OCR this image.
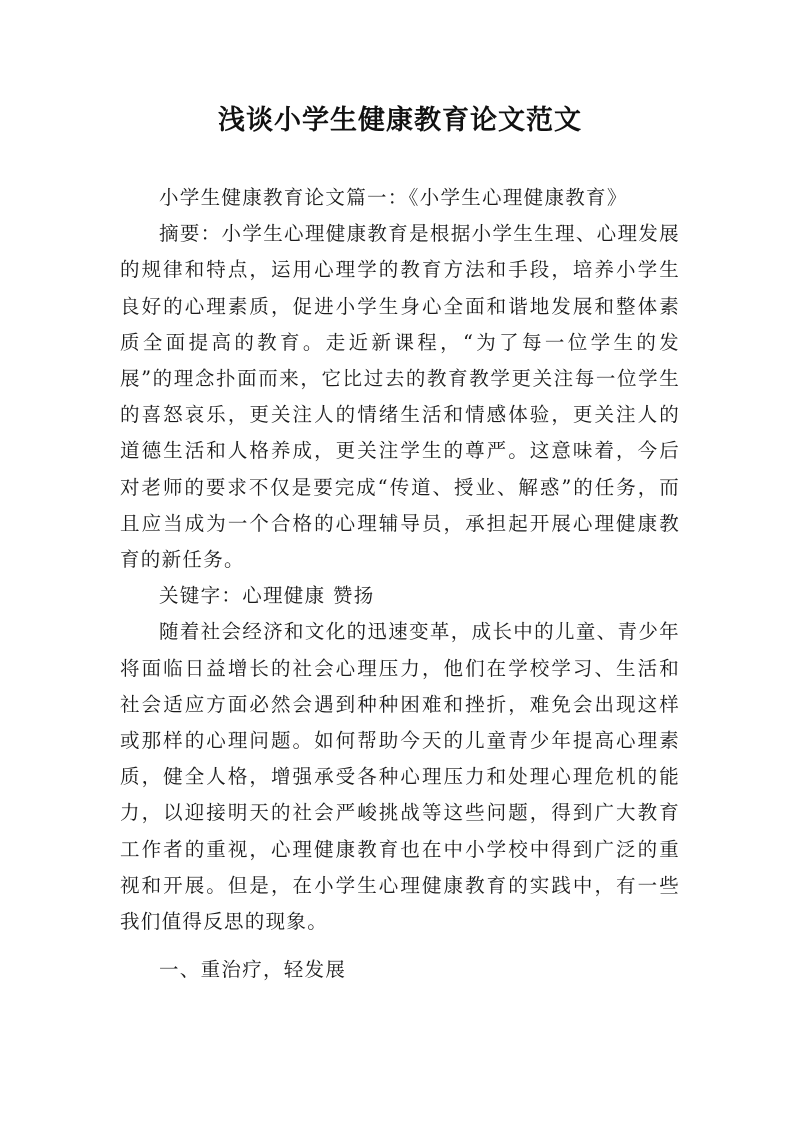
浅谈小学生健康教育论文范文

小学生健康教育论文篇一：《小学生心理健康教育》

摘要：小学生心理健康教育是根据小学生生理、心理发展的规律和特点，运用心理学的教育方法和手段，培养小学生良好的心理素质，促进小学生身心全面和谐地发展和整体素质全面提高的教育。走近新课程，“为了每一位学生的发展”的理念扑面而来，它比过去的教育教学更关注每一位学生的喜怒哀乐，更关注人的情绪生活和情感体验，更关注人的道德生活和人格养成，更关注学生的尊严。这意味着，今后对老师的要求不仅是要完成“传道、授业、解惑”的任务，而且应当成为一个合格的心理辅导员，承担起开展心理健康教育的新任务。

关键字：心理健康 赞扬

随着社会经济和文化的迅速变革，成长中的儿童、青少年将面临日益增长的社会心理压力，他们在学校学习、生活和社会适应方面必然会遇到种种困难和挫折，难免会出现这样或那样的心理问题。如何帮助今天的儿童青少年提高心理素质，健全人格，增强承受各种心理压力和处理心理危机的能力，以迎接明天的社会严峻挑战等这些问题，得到广大教育工作者的重视，心理健康教育也在中小学校中得到广泛的重视和开展。但是，在小学生心理健康教育的实践中，有一些我们值得反思的现象。

一、重治疗，轻发展
